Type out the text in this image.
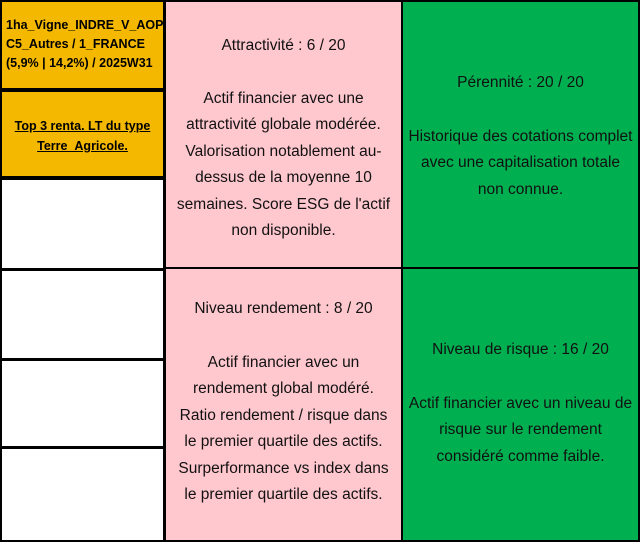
1ha_Vigne_INDRE_V_AOP
C5_Autres / 1_FRANCE
(5,9% | 14,2%) / 2025W31
Top 3 renta. LT du type Terre_Agricole.
Attractivité : 6 / 20
Actif financier avec une attractivité globale modérée. Valorisation notablement au-dessus de la moyenne 10 semaines. Score ESG de l'actif non disponible.
Pérennité : 20 / 20
Historique des cotations complet avec une capitalisation totale non connue.
Niveau rendement : 8 / 20
Actif financier avec un rendement global modéré. Ratio rendement / risque dans le premier quartile des actifs. Surperformance vs index dans le premier quartile des actifs.
Niveau de risque : 16 / 20
Actif financier avec un niveau de risque sur le rendement considéré comme faible.
